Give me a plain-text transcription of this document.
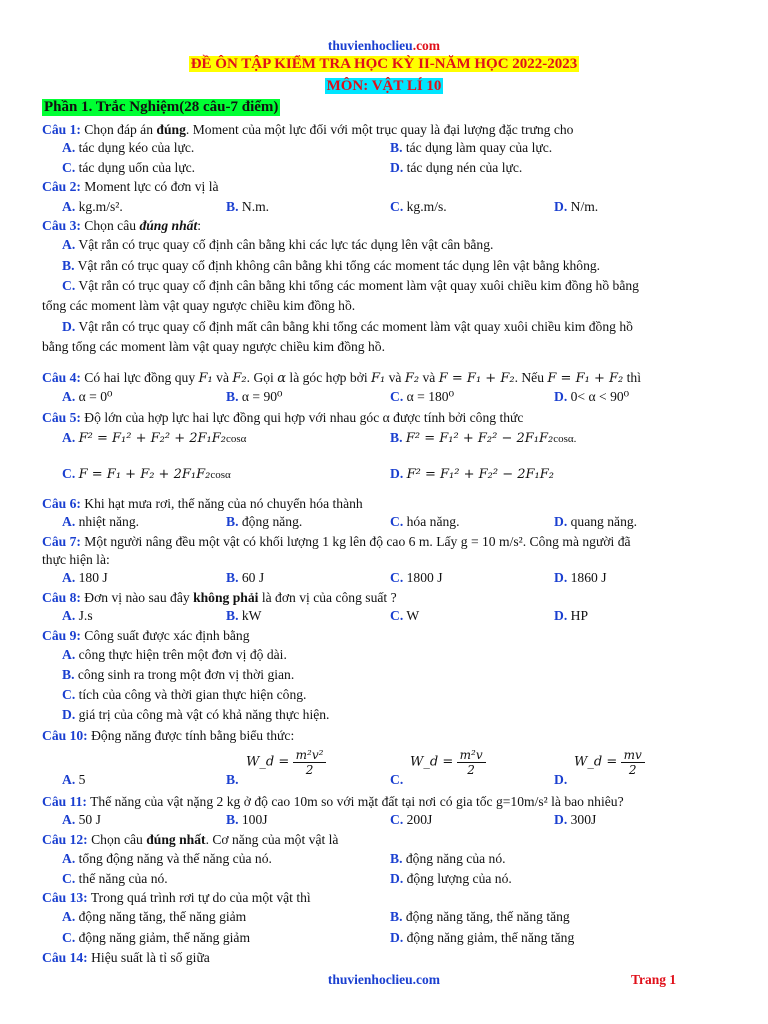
thuvienhoclieu.com
ĐỀ ÔN TẬP KIỂM TRA HỌC KỲ II-NĂM HỌC 2022-2023
MÔN: VẬT LÍ 10
Phần 1. Trắc Nghiệm(28 câu-7 điểm)
Câu 1: Chọn đáp án đúng. Moment của một lực đối với một trục quay là đại lượng đặc trưng cho
A. tác dụng kéo của lực.	B. tác dụng làm quay của lực.
C. tác dụng uốn của lực.	D. tác dụng nén của lực.
Câu 2: Moment lực có đơn vị là
A. kg.m/s².	B. N.m.	C. kg.m/s.	D. N/m.
Câu 3: Chọn câu đúng nhất:
A. Vật rắn có trục quay cố định cân bằng khi các lực tác dụng lên vật cân bằng.
B. Vật rắn có trục quay cố định không cân bằng khi tổng các moment tác dụng lên vật bằng không.
C. Vật rắn có trục quay cố định cân bằng khi tổng các moment làm vật quay xuôi chiều kim đồng hồ bằng
tổng các moment làm vật quay ngược chiều kim đồng hồ.
D. Vật rắn có trục quay cố định mất cân bằng khi tổng các moment làm vật quay xuôi chiều kim đồng hồ
bằng tổng các moment làm vật quay ngược chiều kim đồng hồ.
Câu 4: Có hai lực đồng quy F₁ và F₂. Gọi α là góc hợp bởi F₁ và F₂ và F = F₁ + F₂. Nếu F = F₁ + F₂ thì
A. α = 0⁰	B. α = 90⁰	C. α = 180⁰	D. 0< α < 90⁰
Câu 5: Độ lớn của hợp lực hai lực đồng qui hợp với nhau góc α được tính bởi công thức
A. F² = F₁² + F₂² + 2F₁F₂cosα	B. F² = F₁² + F₂² − 2F₁F₂cosα.
C. F = F₁ + F₂ + 2F₁F₂cosα	D. F² = F₁² + F₂² − 2F₁F₂
Câu 6: Khi hạt mưa rơi, thế năng của nó chuyển hóa thành
A. nhiệt năng.	B. động năng.	C. hóa năng.	D. quang năng.
Câu 7: Một người nâng đều một vật có khối lượng 1 kg lên độ cao 6 m. Lấy g = 10 m/s². Công mà người đã
thực hiện là:
A. 180 J	B. 60 J	C. 1800 J	D. 1860 J
Câu 8: Đơn vị nào sau đây không phải là đơn vị của công suất ?
A. J.s	B. kW	C. W	D. HP
Câu 9: Công suất được xác định bằng
A. công thực hiện trên một đơn vị độ dài.
B. công sinh ra trong một đơn vị thời gian.
C. tích của công và thời gian thực hiện công.
D. giá trị của công mà vật có khả năng thực hiện.
Câu 10: Động năng được tính bằng biểu thức:
A. 5	B.
W_d = $\frac{\text{m²v²}}{2}$
C.
W_d = $\frac{\text{m²v}}{2}$
D.
W_d = $\frac{mv}{2}$
Câu 11: Thế năng của vật nặng 2 kg ở độ cao 10m so với mặt đất tại nơi có gia tốc g=10m/s² là bao nhiêu?
A. 50 J	B. 100J	C. 200J	D. 300J
Câu 12: Chọn câu đúng nhất. Cơ năng của một vật là
A. tổng động năng và thế năng của nó.	B. động năng của nó.
C. thế năng của nó.	D. động lượng của nó.
Câu 13: Trong quá trình rơi tự do của một vật thì
A. động năng tăng, thế năng giảm	B. động năng tăng, thế năng tăng
C. động năng giảm, thế năng giảm	D. động năng giảm, thế năng tăng
Câu 14: Hiệu suất là tỉ số giữa
thuvienhoclieu.com	Trang 1
